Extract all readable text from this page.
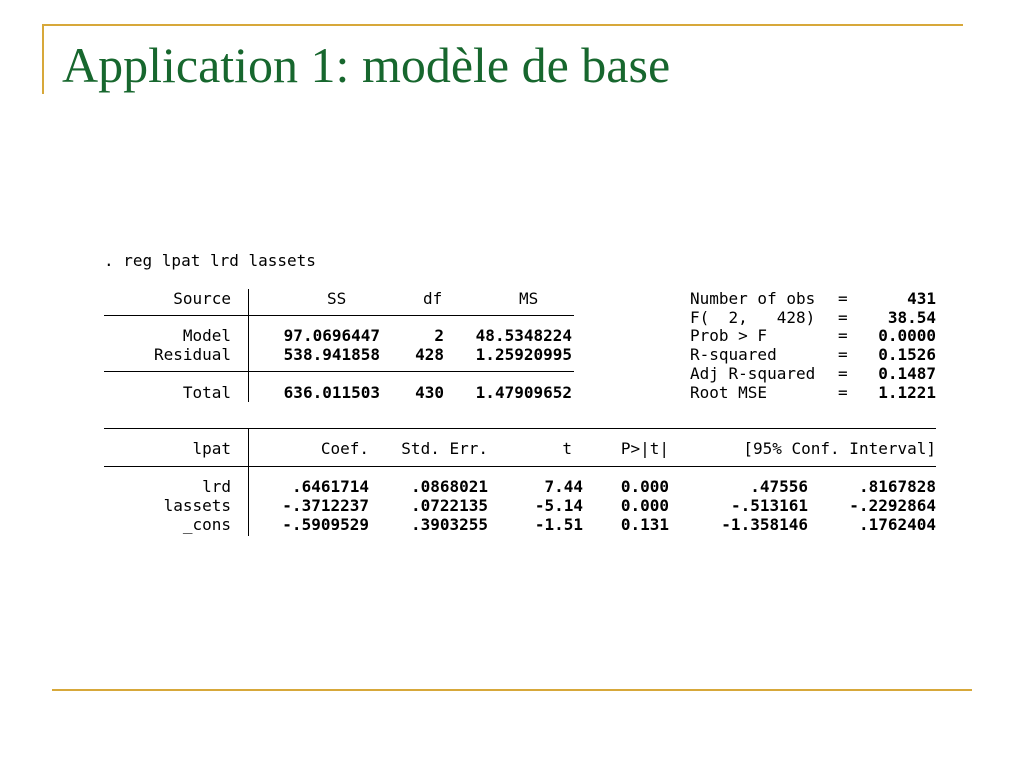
Application 1: modèle de base
. reg lpat lrd lassets
Source	SS	df	MS
Model	97.0696447	2 48.5348224
Residual	538.941858 428 1.25920995
Total	636.011503 430 1.47909652
Number of obs =	431
F(  2,   428) =	38.54
Prob > F	= 0.0000
R-squared	= 0.1526
Adj R-squared = 0.1487
Root MSE	= 1.1221
lpat	Coef. Std. Err.	t	P>|t|	[95% Conf. Interval]
lrd	.6461714	.0868021	7.44 0.000	.47556	.8167828
lassets	-.3712237	.0722135	-5.14 0.000	-.513161	-.2292864
_cons	-.5909529	.3903255	-1.51 0.131	-1.358146	.1762404
